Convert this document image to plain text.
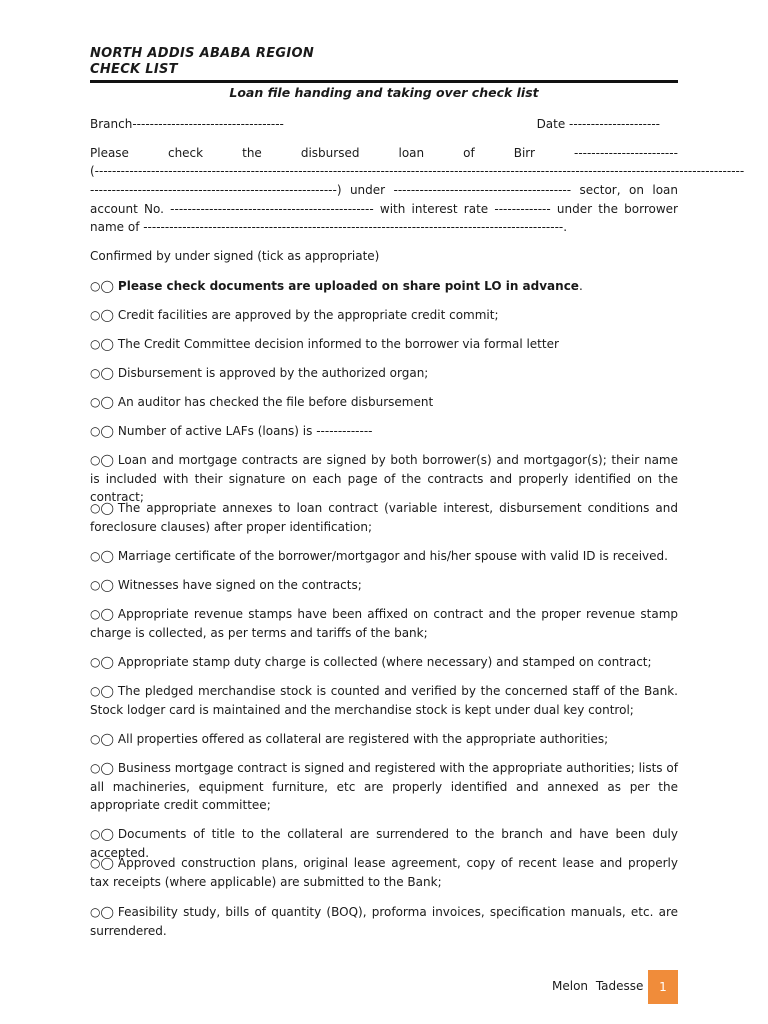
NORTH ADDIS ABABA REGION
CHECK LIST
Loan file handing and taking over check list
Branch-----------------------------------	Date ---------------------
Please	check	the	disbursed	loan	of	Birr	------------------------
(------------------------------------------------------------------------------------------------------------------------------------------------------
---------------------------------------------------------) under ----------------------------------------- sector, on loan account No. ----------------------------------------------- with interest rate ------------- under the borrower name of -------------------------------------------------------------------------------------------------.
Confirmed by under signed (tick as appropriate)
○◯ Please check documents are uploaded on share point LO in advance.
○◯ Credit facilities are approved by the appropriate credit commit;
○◯ The Credit Committee decision informed to the borrower via formal letter
○◯ Disbursement is approved by the authorized organ;
○◯ An auditor has checked the file before disbursement
○◯ Number of active LAFs (loans) is -------------
○◯ Loan and mortgage contracts are signed by both borrower(s) and mortgagor(s); their name is included with their signature on each page of the contracts and properly identified on the contract;
○◯ The appropriate annexes to loan contract (variable interest, disbursement conditions and foreclosure clauses) after proper identification;
○◯ Marriage certificate of the borrower/mortgagor and his/her spouse with valid ID is received.
○◯ Witnesses have signed on the contracts;
○◯ Appropriate revenue stamps have been affixed on contract and the proper revenue stamp charge is collected, as per terms and tariffs of the bank;
○◯ Appropriate stamp duty charge is collected (where necessary) and stamped on contract;
○◯ The pledged merchandise stock is counted and verified by the concerned staff of the Bank. Stock lodger card is maintained and the merchandise stock is kept under dual key control;
○◯ All properties offered as collateral are registered with the appropriate authorities;
○◯ Business mortgage contract is signed and registered with the appropriate authorities; lists of all machineries, equipment furniture, etc are properly identified and annexed as per the appropriate credit committee;
○◯ Documents of title to the collateral are surrendered to the branch and have been duly accepted.
○◯ Approved construction plans, original lease agreement, copy of recent lease and properly tax receipts (where applicable) are submitted to the Bank;
○◯ Feasibility study, bills of quantity (BOQ), proforma invoices, specification manuals, etc. are surrendered.
Melon Tadesse	1
